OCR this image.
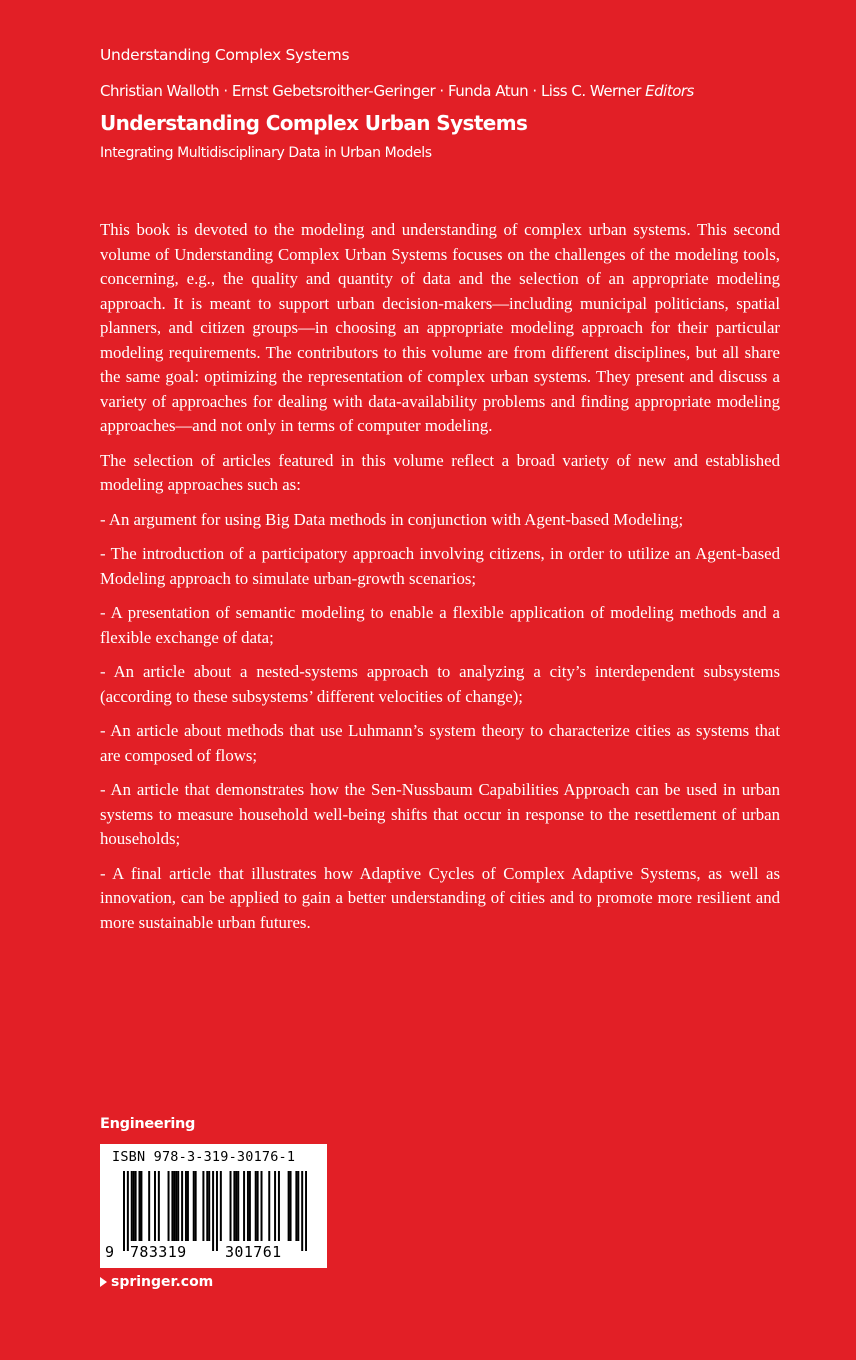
Understanding Complex Systems
Christian Walloth · Ernst Gebetsroither-Geringer · Funda Atun · Liss C. Werner Editors
Understanding Complex Urban Systems
Integrating Multidisciplinary Data in Urban Models

This book is devoted to the modeling and understanding of complex urban systems. This second volume of Understanding Complex Urban Systems focuses on the challenges of the modeling tools, concerning, e.g., the quality and quantity of data and the selection of an appropriate modeling approach. It is meant to support urban decision-makers—including municipal politicians, spatial planners, and citizen groups—in choosing an appropriate modeling approach for their particular modeling requirements. The contributors to this volume are from different disciplines, but all share the same goal: optimizing the representation of complex urban systems. They present and discuss a variety of approaches for dealing with data-availability problems and finding appropriate modeling approaches—and not only in terms of computer modeling.

The selection of articles featured in this volume reflect a broad variety of new and established modeling approaches such as:

- An argument for using Big Data methods in conjunction with Agent-based Modeling;

- The introduction of a participatory approach involving citizens, in order to utilize an Agent-based Modeling approach to simulate urban-growth scenarios;

- A presentation of semantic modeling to enable a flexible application of modeling methods and a flexible exchange of data;

- An article about a nested-systems approach to analyzing a city’s interdependent subsystems (according to these subsystems’ different velocities of change);

- An article about methods that use Luhmann’s system theory to characterize cities as systems that are composed of flows;

- An article that demonstrates how the Sen-Nussbaum Capabilities Approach can be used in urban systems to measure household well-being shifts that occur in response to the resettlement of urban households;

- A final article that illustrates how Adaptive Cycles of Complex Adaptive Systems, as well as innovation, can be applied to gain a better understanding of cities and to promote more resilient and more sustainable urban futures.

Engineering
ISBN 978-3-319-30176-1
9 783319	301761
springer.com
